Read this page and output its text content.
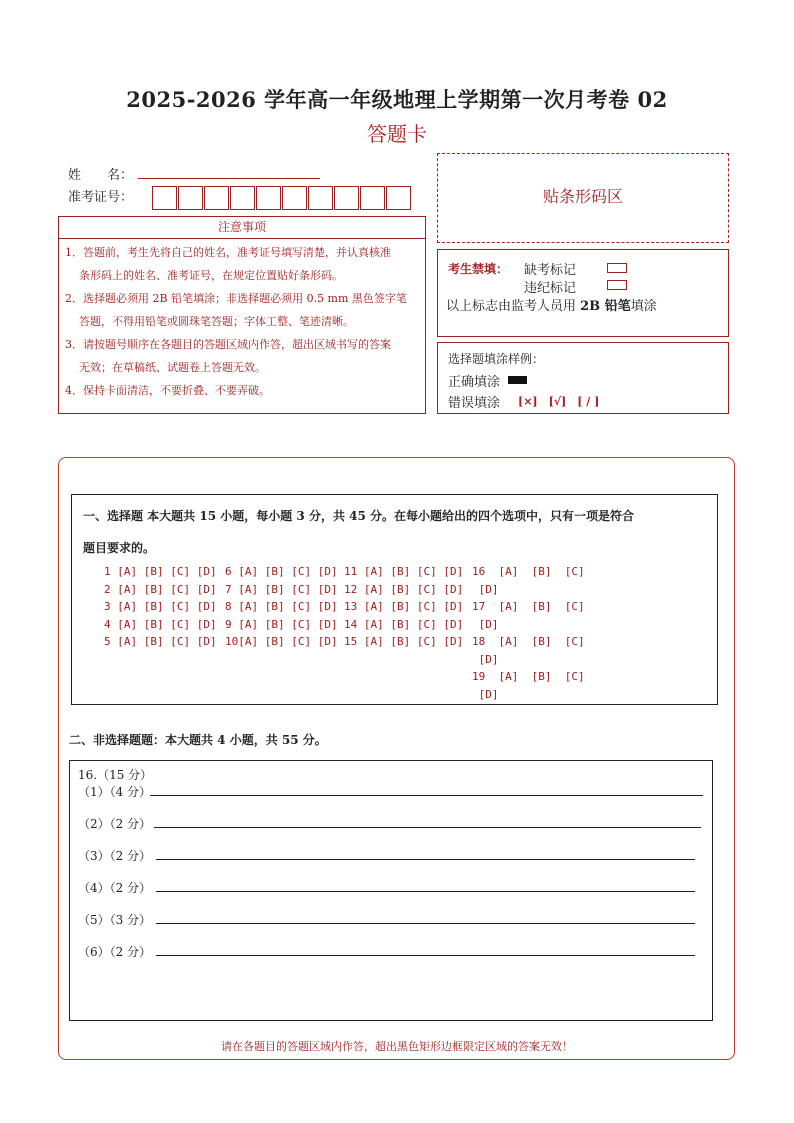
2025-2026 学年高一年级地理上学期第一次月考卷 02
答题卡
姓　　名：
准考证号：
注意事项
1．答题前，考生先将自己的姓名，准考证号填写清楚，并认真核准
条形码上的姓名、准考证号，在规定位置贴好条形码。
2．选择题必须用 2B 铅笔填涂；非选择题必须用 0.5 mm 黑色签字笔
答题，不得用铅笔或圆珠笔答题；字体工整、笔迹清晰。
3．请按题号顺序在各题目的答题区域内作答，超出区域书写的答案
无效；在草稿纸、试题卷上答题无效。
4．保持卡面清洁，不要折叠、不要弄破。
贴条形码区
考生禁填： 缺考标记
违纪标记
以上标志由监考人员用 2B 铅笔填涂
选择题填涂样例：
正确填涂
错误填涂 [×]　[√]　[ / ]
一、选择题 本大题共 15 小题，每小题 3 分，共 45 分。在每小题给出的四个选项中，只有一项是符合
题目要求的。
1 [A] [B] [C] [D]
2 [A] [B] [C] [D]
3 [A] [B] [C] [D]
4 [A] [B] [C] [D]
5 [A] [B] [C] [D]
6 [A] [B] [C] [D]
7 [A] [B] [C] [D]
8 [A] [B] [C] [D]
9 [A] [B] [C] [D]
10[A] [B] [C] [D]
11 [A] [B] [C] [D]
12 [A] [B] [C] [D]
13 [A] [B] [C] [D]
14 [A] [B] [C] [D]
15 [A] [B] [C] [D]
16  [A]  [B]  [C]
[D]
17  [A]  [B]  [C]
[D]
18  [A]  [B]  [C]
[D]
19  [A]  [B]  [C]
[D]
二、非选择题题：本大题共 4 小题，共 55 分。
16.（15 分）
（1）（4 分）
（2）（2 分）
（3）（2 分）
（4）（2 分）
（5）（3 分）
（6）（2 分）
请在各题目的答题区域内作答，超出黑色矩形边框限定区域的答案无效！
